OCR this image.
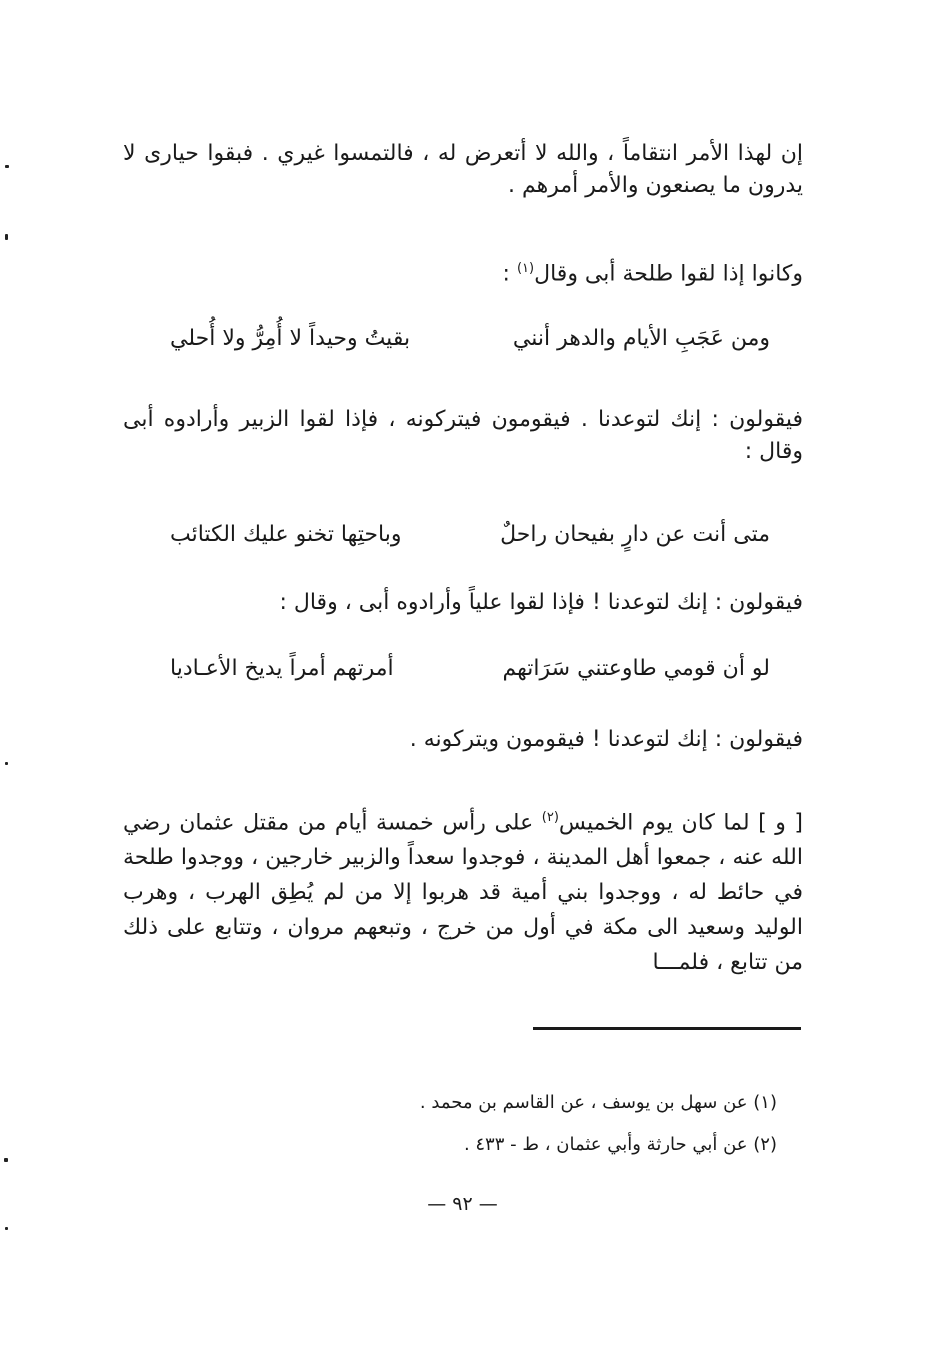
إن لهذا الأمر انتقاماً ، والله لا أتعرض له ، فالتمسوا غيري . فبقوا حيارى لا يدرون ما يصنعون والأمر أمرهم .

وكانوا إذا لقوا طلحة أبى وقال$^{(١)}$ :

ومن عَجَبِ الأيام والدهر أنني
بقيتُ وحيداً لا أُمِرُّ ولا أُحلي

فيقولون : إنك لتوعدنا . فيقومون فيتركونه ، فإذا لقوا الزبير وأرادوه أبى وقال :

متى أنت عن دارٍ بفيحان راحلٌ
وباحتِها تخنو عليك الكتائب

فيقولون : إنك لتوعدنا ! فإذا لقوا علياً وأرادوه أبى ، وقال :

لو أن قومي طاوعتني سَرَاتهم
أمرتهم أمراً يديخ الأعـاديا

فيقولون : إنك لتوعدنا ! فيقومون ويتركونه .

[ و ] لما كان يوم الخميس$^{(٢)}$ على رأس خمسة أيام من مقتل عثمان رضي الله عنه ، جمعوا أهل المدينة ، فوجدوا سعداً والزبير خارجين ، ووجدوا طلحة في حائط له ، ووجدوا بني أمية قد هربوا إلا من لم يُطِق الهرب ، وهرب الوليد وسعيد الى مكة في أول من خرج ، وتبعهم مروان ، وتتابع على ذلك من تتابع ، فلمـــا

(١) عن سهل بن يوسف ، عن القاسم بن محمد .

(٢) عن أبي حارثة وأبي عثمان ، ط - ٤٣٣ .

— ٩٢ —
